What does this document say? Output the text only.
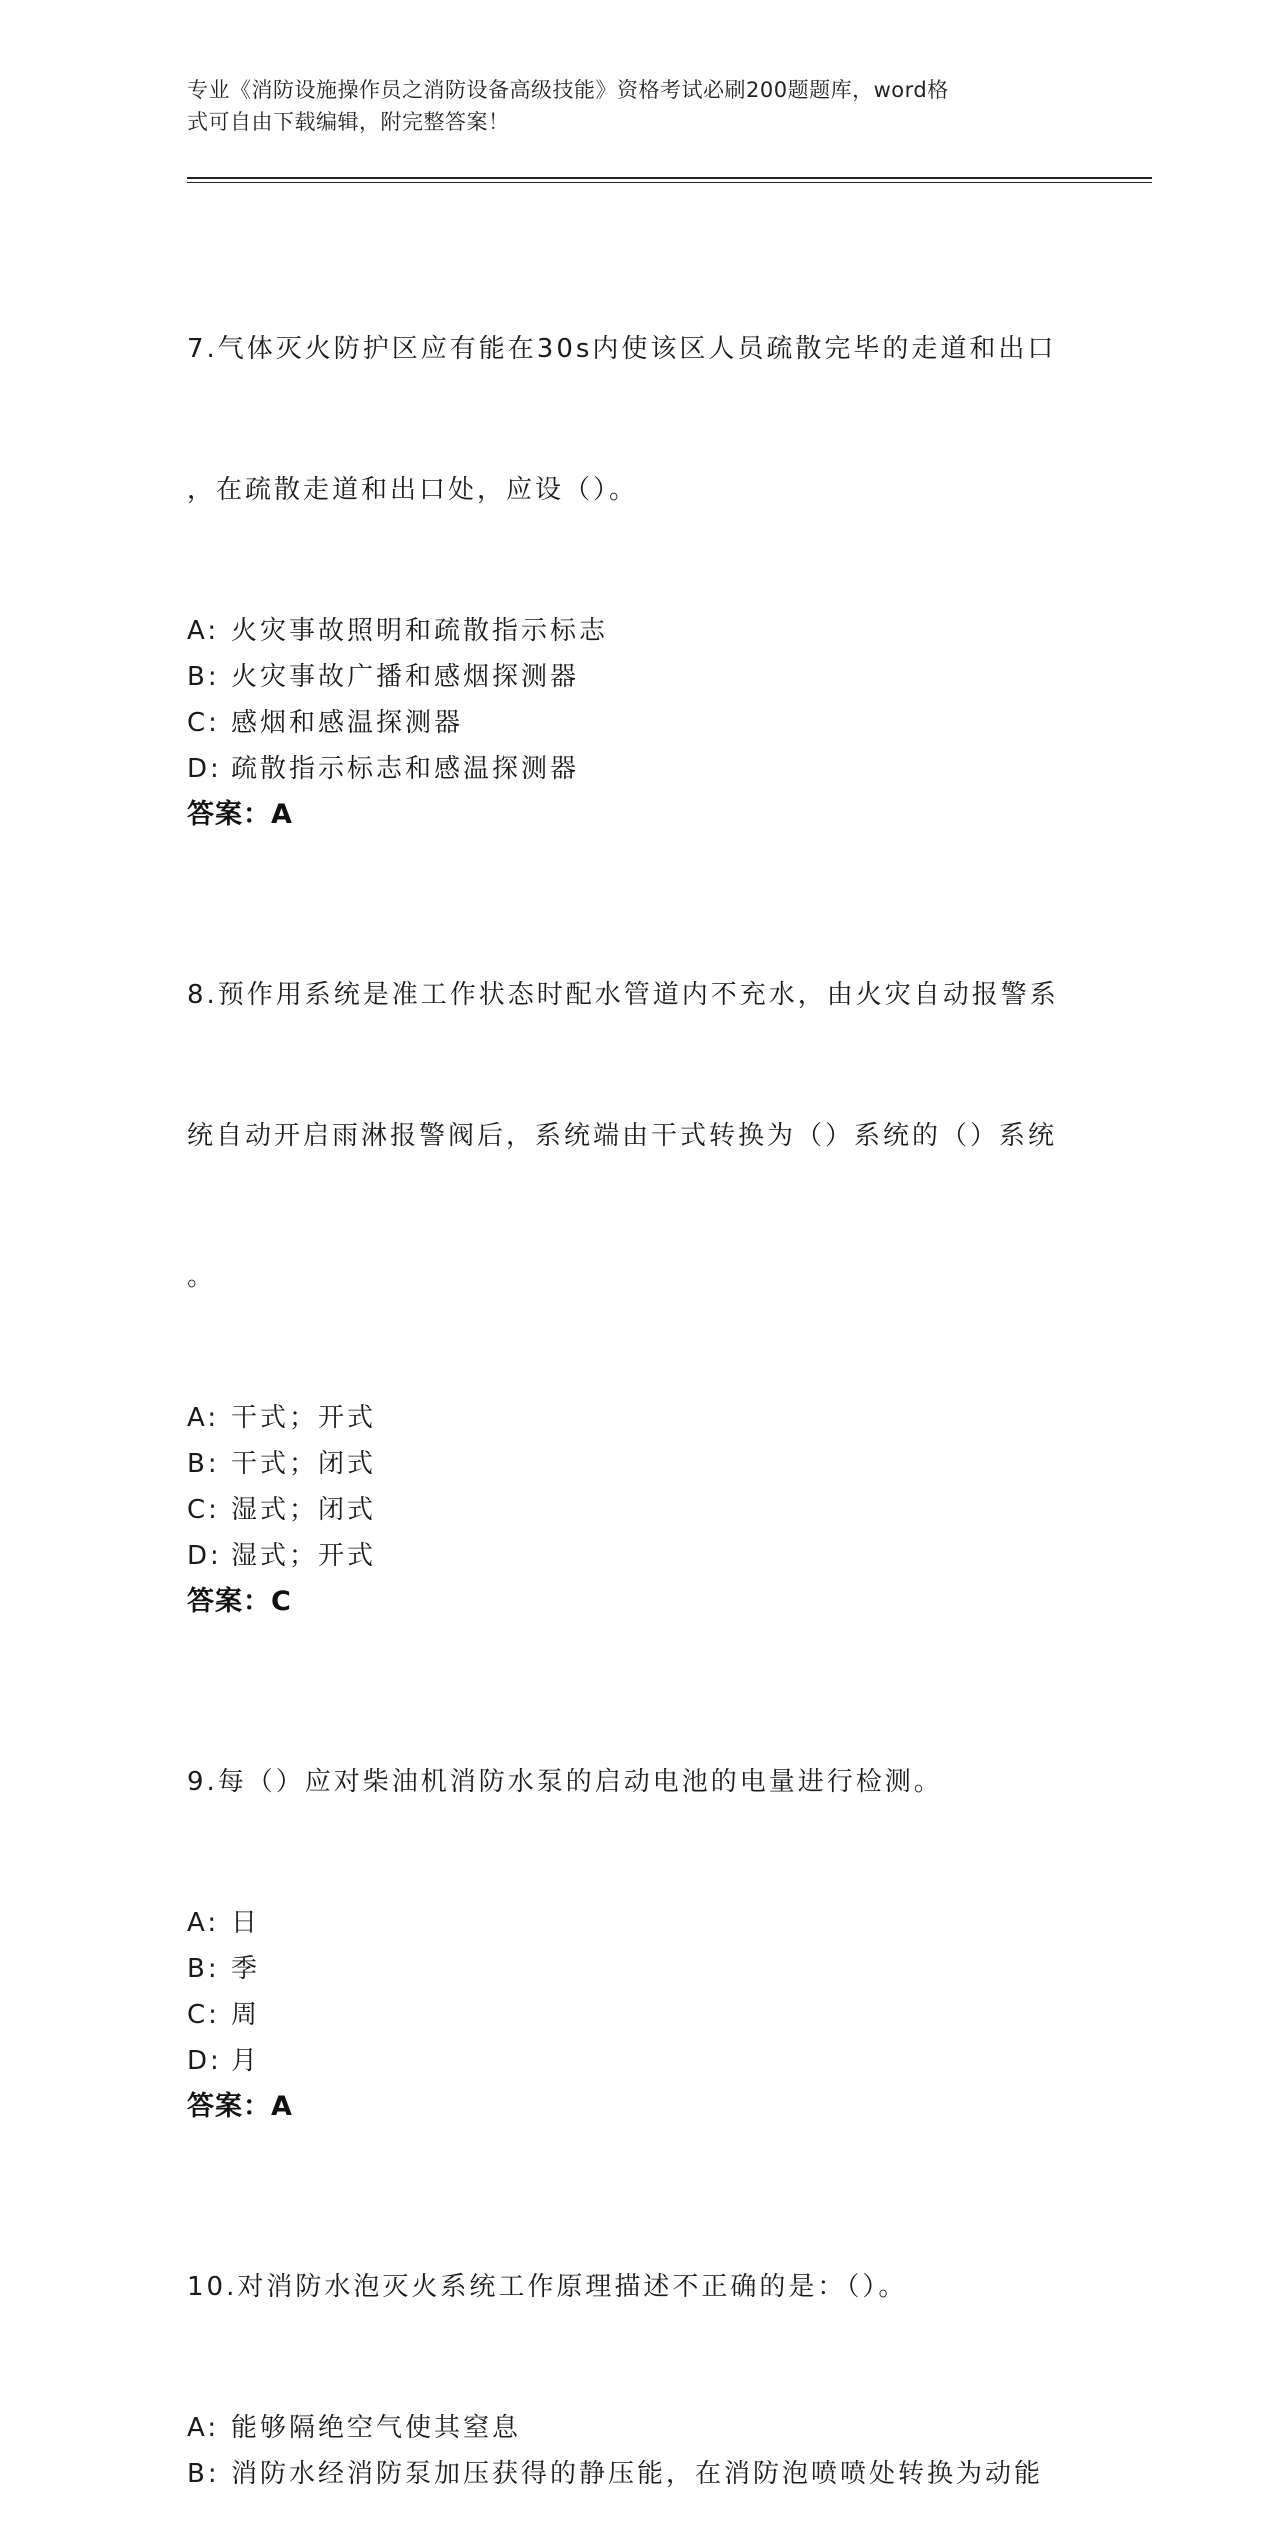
专业《消防设施操作员之消防设备高级技能》资格考试必刷200题题库，word格
式可自由下载编辑，附完整答案！

7.气体灭火防护区应有能在30s内使该区人员疏散完毕的走道和出口

，在疏散走道和出口处，应设（）。

A: 火灾事故照明和疏散指示标志
B: 火灾事故广播和感烟探测器
C: 感烟和感温探测器
D: 疏散指示标志和感温探测器
答案：A

8.预作用系统是准工作状态时配水管道内不充水，由火灾自动报警系

统自动开启雨淋报警阀后，系统端由干式转换为（）系统的（）系统

。

A: 干式；开式
B: 干式；闭式
C: 湿式；闭式
D: 湿式；开式
答案：C

9.每（）应对柴油机消防水泵的启动电池的电量进行检测。

A: 日
B: 季
C: 周
D: 月
答案：A

10.对消防水泡灭火系统工作原理描述不正确的是：（）。

A: 能够隔绝空气使其窒息
B: 消防水经消防泵加压获得的静压能，在消防泡喷喷处转换为动能
